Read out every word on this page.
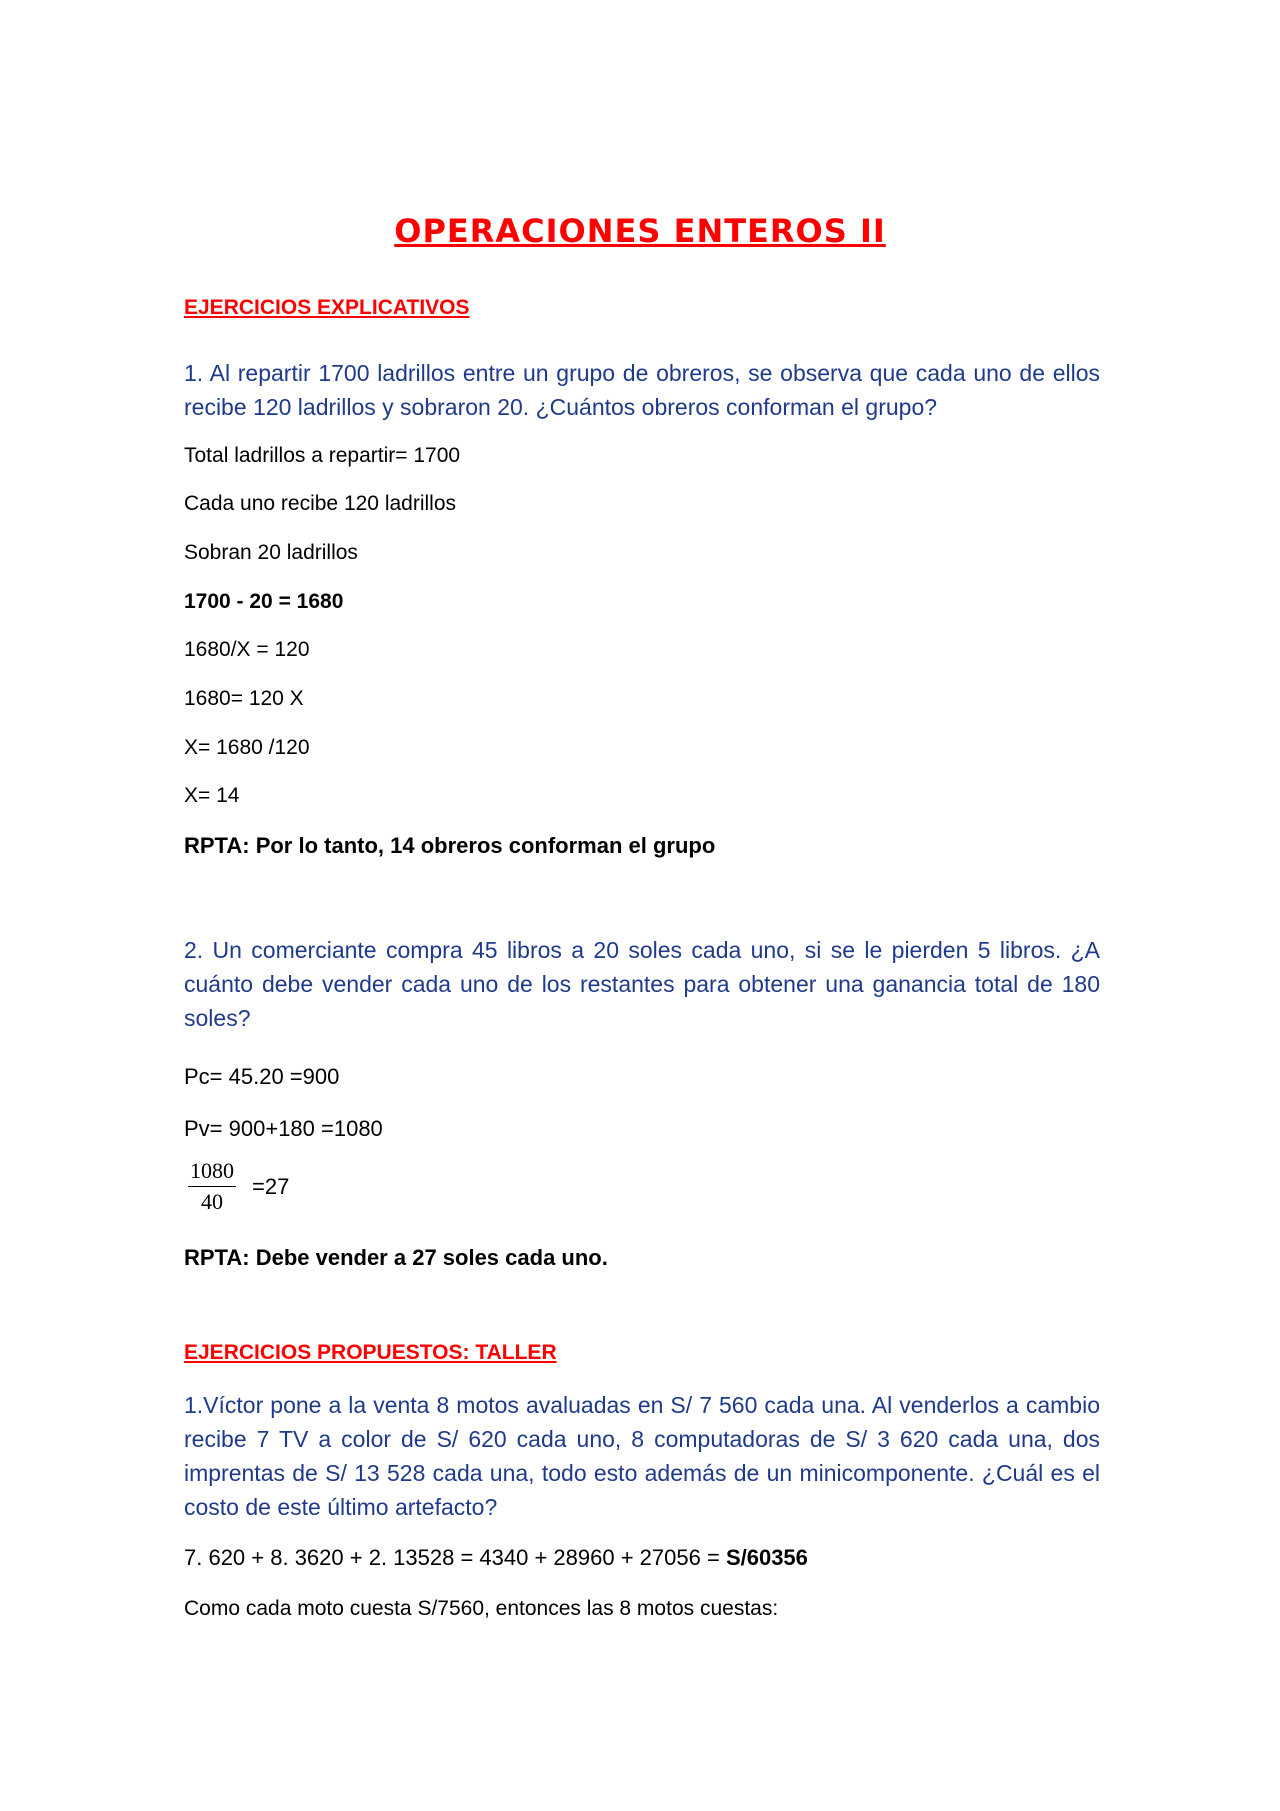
OPERACIONES ENTEROS II
EJERCICIOS EXPLICATIVOS
1. Al repartir 1700 ladrillos entre un grupo de obreros, se observa que cada uno de ellos recibe 120 ladrillos y sobraron 20. ¿Cuántos obreros conforman el grupo?
Total ladrillos a repartir= 1700
Cada uno recibe 120 ladrillos
Sobran 20 ladrillos
1700 - 20 = 1680
1680/X = 120
1680= 120 X
X= 1680 /120
X= 14
RPTA: Por lo tanto, 14 obreros conforman el grupo
2. Un comerciante compra 45 libros a 20 soles cada uno, si se le pierden 5 libros. ¿A cuánto debe vender cada uno de los restantes para obtener una ganancia total de 180 soles?
Pc= 45.20 =900
Pv= 900+180 =1080
$\frac{1080}{40} =27$
RPTA: Debe vender a 27 soles cada uno.
EJERCICIOS PROPUESTOS: TALLER
1.Víctor pone a la venta 8 motos avaluadas en S/ 7 560 cada una. Al venderlos a cambio recibe 7 TV a color de S/ 620 cada uno, 8 computadoras de S/ 3 620 cada una, dos imprentas de S/ 13 528 cada una, todo esto además de un minicomponente. ¿Cuál es el costo de este último artefacto?
7. 620 + 8. 3620 + 2. 13528 = 4340 + 28960 + 27056 = S/60356
Como cada moto cuesta S/7560, entonces las 8 motos cuestas:
